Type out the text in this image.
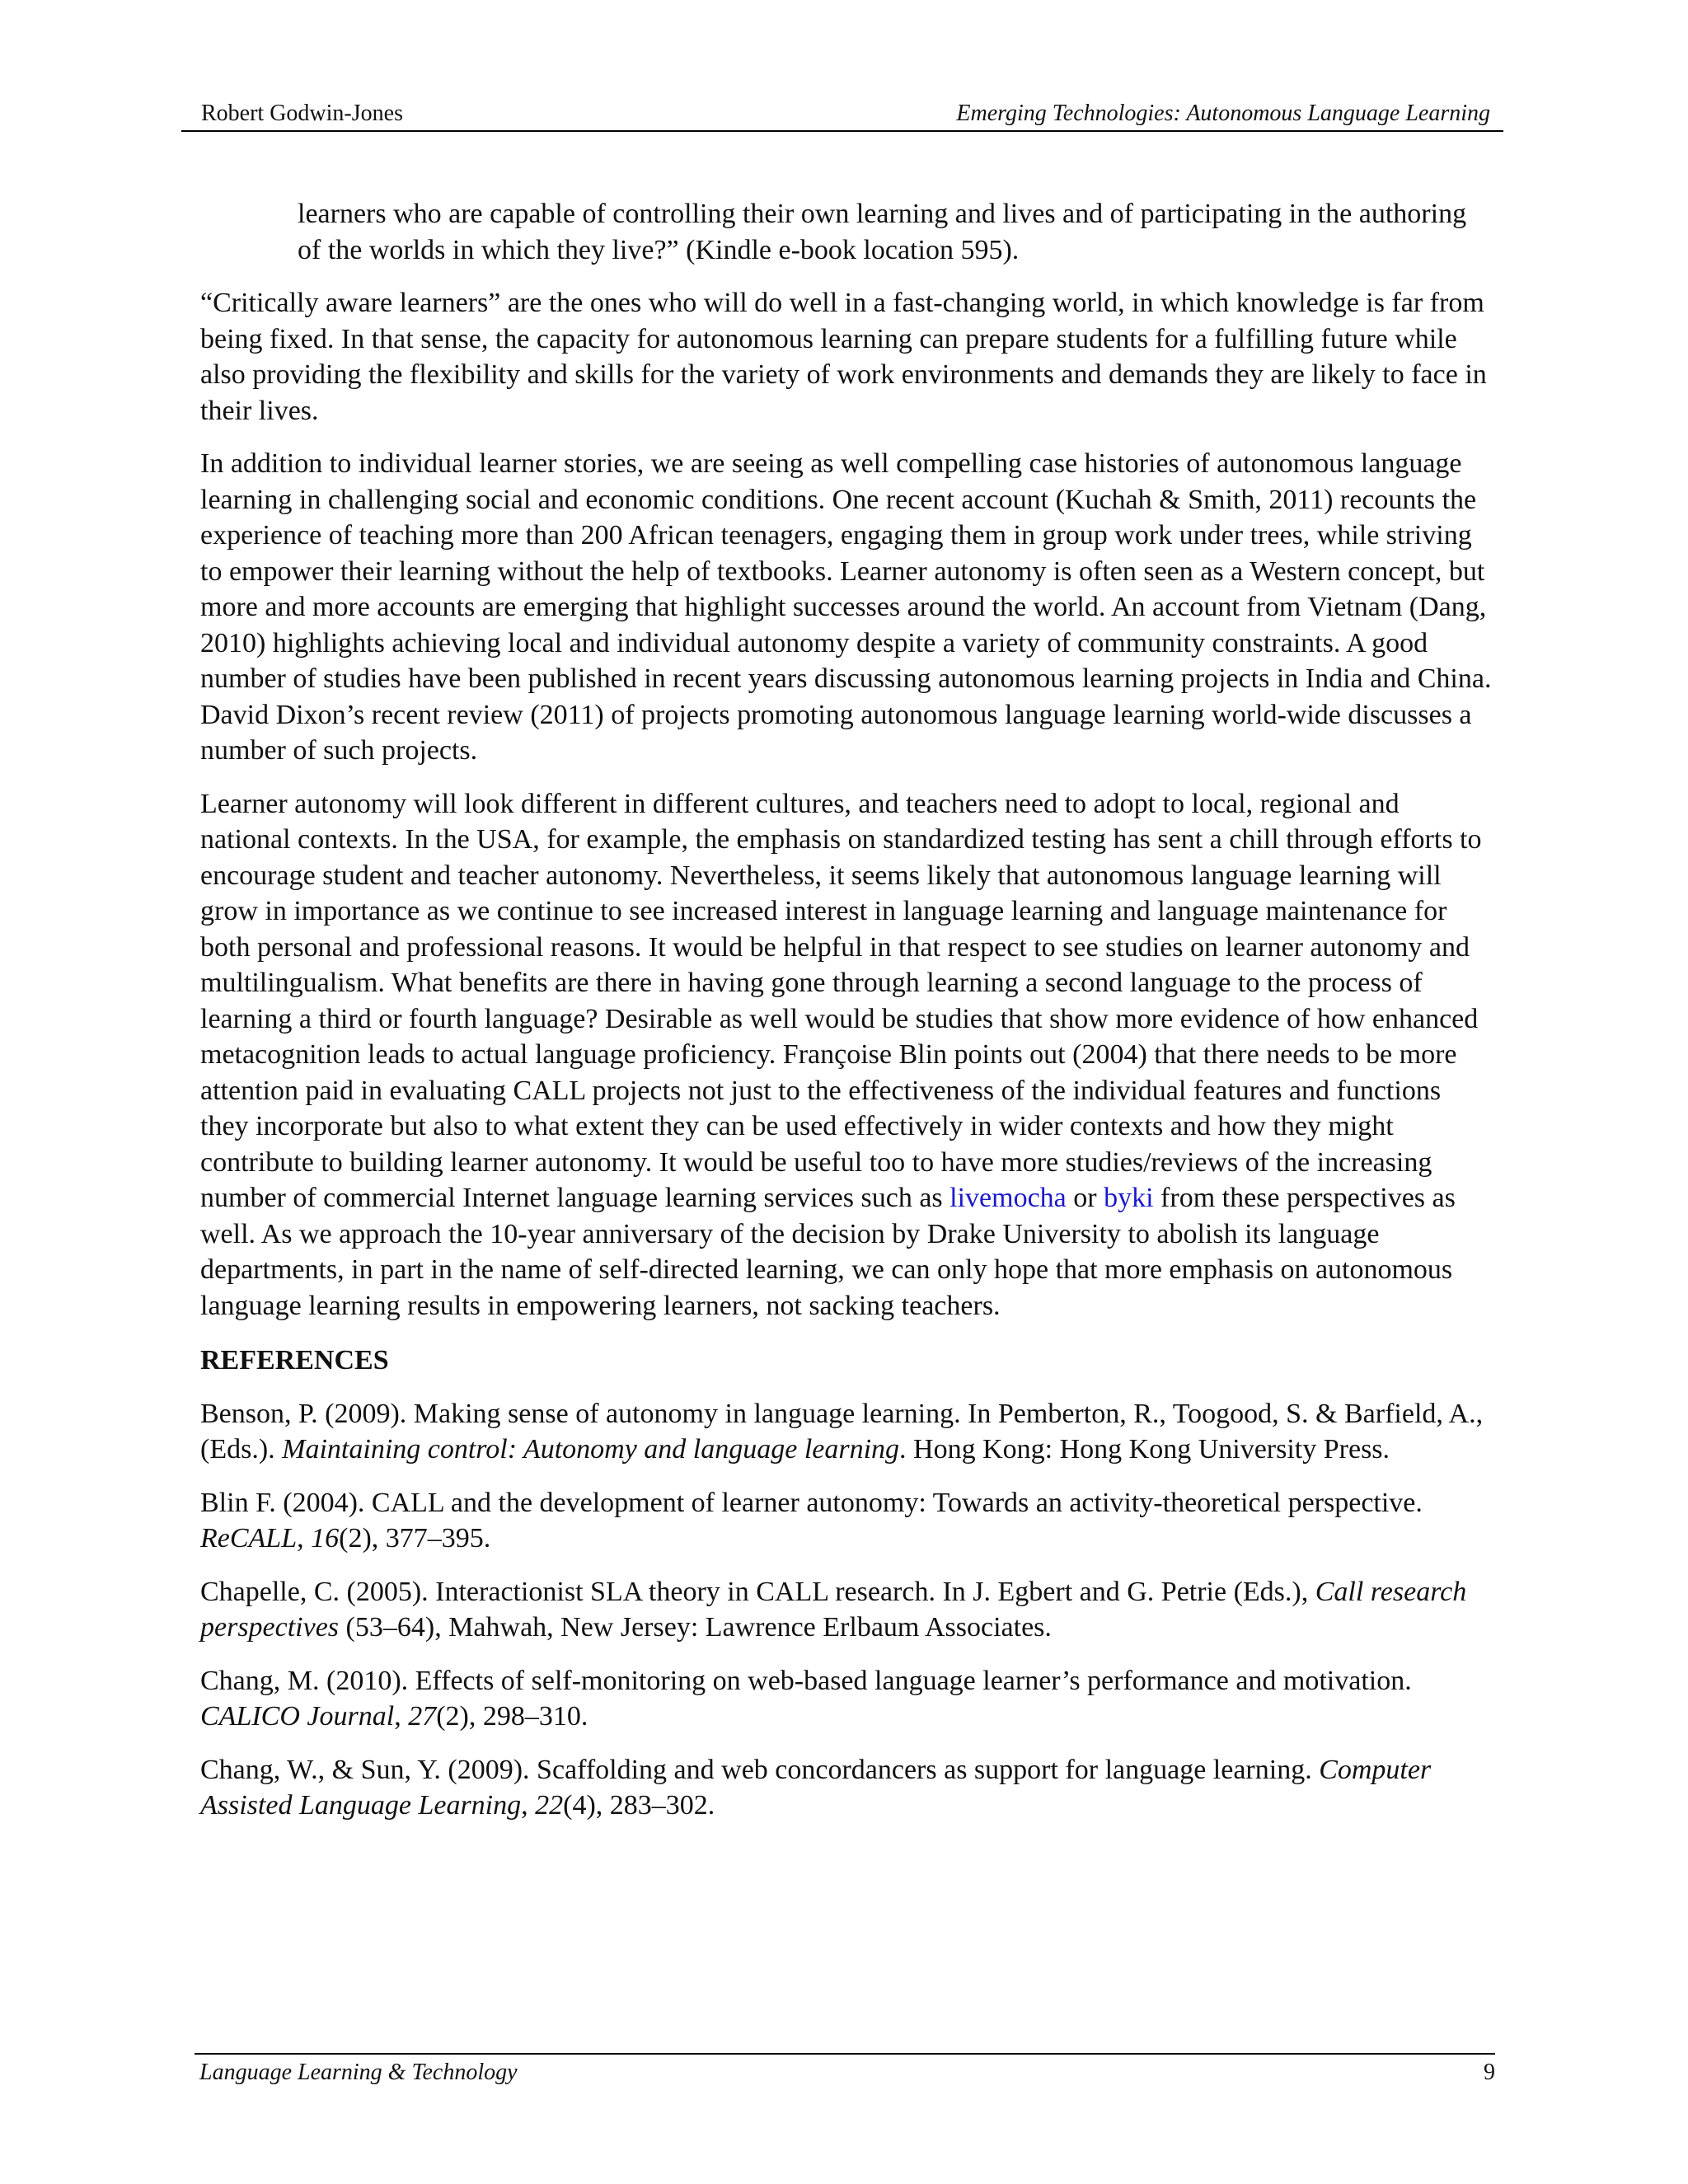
Robert Godwin-Jones	Emerging Technologies: Autonomous Language Learning

learners who are capable of controlling their own learning and lives and of participating in the authoring of the worlds in which they live?” (Kindle e-book location 595).

“Critically aware learners” are the ones who will do well in a fast-changing world, in which knowledge is far from being fixed. In that sense, the capacity for autonomous learning can prepare students for a fulfilling future while also providing the flexibility and skills for the variety of work environments and demands they are likely to face in their lives.

In addition to individual learner stories, we are seeing as well compelling case histories of autonomous language learning in challenging social and economic conditions. One recent account (Kuchah & Smith, 2011) recounts the experience of teaching more than 200 African teenagers, engaging them in group work under trees, while striving to empower their learning without the help of textbooks. Learner autonomy is often seen as a Western concept, but more and more accounts are emerging that highlight successes around the world. An account from Vietnam (Dang, 2010) highlights achieving local and individual autonomy despite a variety of community constraints. A good number of studies have been published in recent years discussing autonomous learning projects in India and China. David Dixon’s recent review (2011) of projects promoting autonomous language learning world-wide discusses a number of such projects.

Learner autonomy will look different in different cultures, and teachers need to adopt to local, regional and national contexts. In the USA, for example, the emphasis on standardized testing has sent a chill through efforts to encourage student and teacher autonomy. Nevertheless, it seems likely that autonomous language learning will grow in importance as we continue to see increased interest in language learning and language maintenance for both personal and professional reasons. It would be helpful in that respect to see studies on learner autonomy and multilingualism. What benefits are there in having gone through learning a second language to the process of learning a third or fourth language? Desirable as well would be studies that show more evidence of how enhanced metacognition leads to actual language proficiency. Françoise Blin points out (2004) that there needs to be more attention paid in evaluating CALL projects not just to the effectiveness of the individual features and functions they incorporate but also to what extent they can be used effectively in wider contexts and how they might contribute to building learner autonomy. It would be useful too to have more studies/reviews of the increasing number of commercial Internet language learning services such as livemocha or byki from these perspectives as well. As we approach the 10-year anniversary of the decision by Drake University to abolish its language departments, in part in the name of self-directed learning, we can only hope that more emphasis on autonomous language learning results in empowering learners, not sacking teachers.

REFERENCES

Benson, P. (2009). Making sense of autonomy in language learning. In Pemberton, R., Toogood, S. & Barfield, A., (Eds.). Maintaining control: Autonomy and language learning. Hong Kong: Hong Kong University Press.

Blin F. (2004). CALL and the development of learner autonomy: Towards an activity-theoretical perspective. ReCALL, 16(2), 377–395.

Chapelle, C. (2005). Interactionist SLA theory in CALL research. In J. Egbert and G. Petrie (Eds.), Call research perspectives (53–64), Mahwah, New Jersey: Lawrence Erlbaum Associates.

Chang, M. (2010). Effects of self-monitoring on web-based language learner’s performance and motivation. CALICO Journal, 27(2), 298–310.

Chang, W., & Sun, Y. (2009). Scaffolding and web concordancers as support for language learning. Computer Assisted Language Learning, 22(4), 283–302.

Language Learning & Technology	9
